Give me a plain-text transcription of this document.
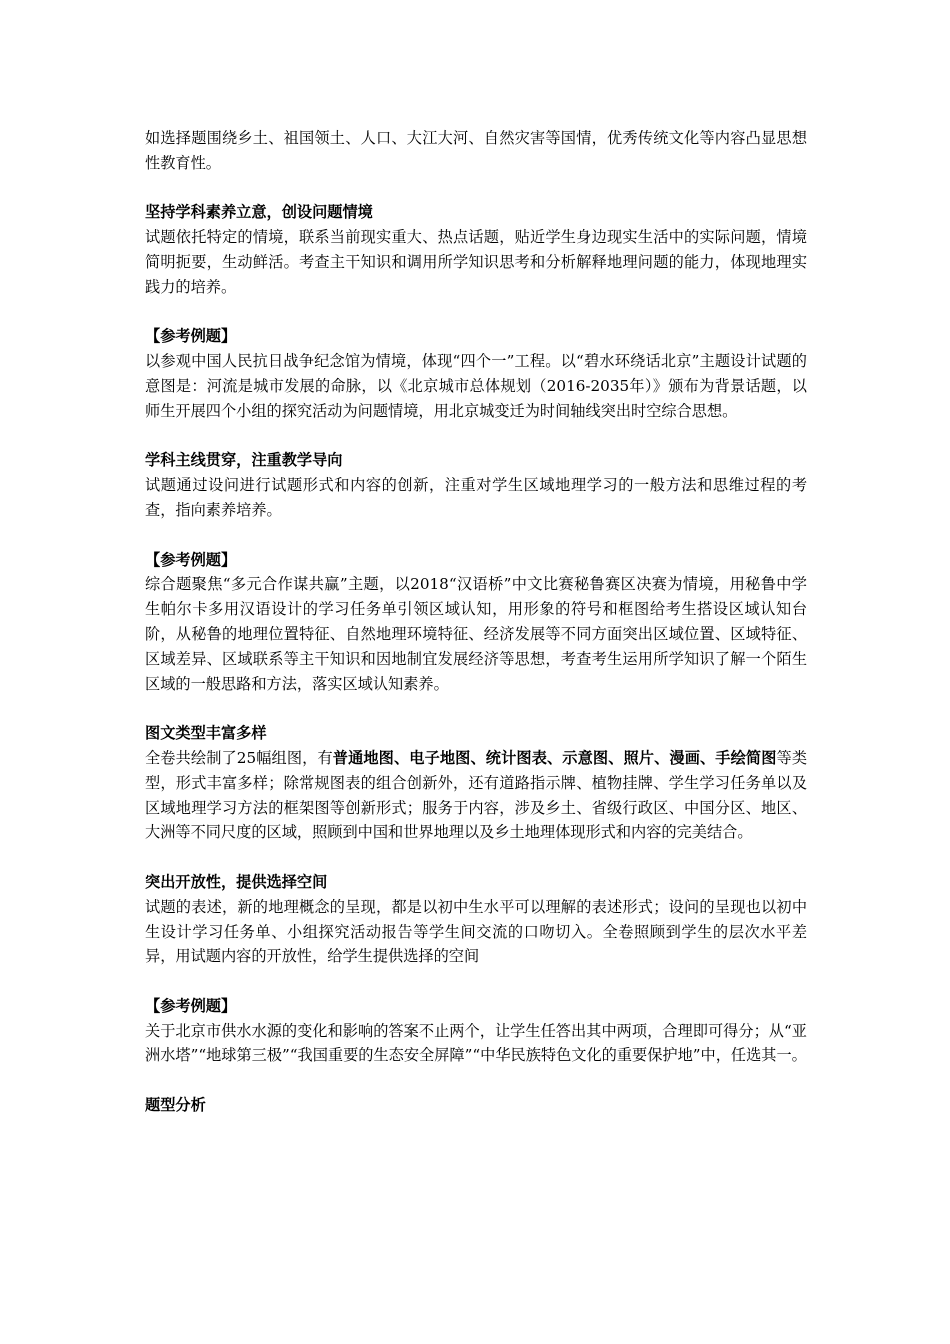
如选择题围绕乡土、祖国领土、人口、大江大河、自然灾害等国情，优秀传统文化等内容凸显思想性教育性。

坚持学科素养立意，创设问题情境

试题依托特定的情境，联系当前现实重大、热点话题，贴近学生身边现实生活中的实际问题，情境简明扼要，生动鲜活。考查主干知识和调用所学知识思考和分析解释地理问题的能力，体现地理实践力的培养。

【参考例题】

以参观中国人民抗日战争纪念馆为情境，体现“四个一”工程。以“碧水环绕话北京”主题设计试题的意图是：河流是城市发展的命脉，以《北京城市总体规划（2016-2035年）》颁布为背景话题，以师生开展四个小组的探究活动为问题情境，用北京城变迁为时间轴线突出时空综合思想。

学科主线贯穿，注重教学导向

试题通过设问进行试题形式和内容的创新，注重对学生区域地理学习的一般方法和思维过程的考查，指向素养培养。

【参考例题】

综合题聚焦“多元合作谋共赢”主题，以2018“汉语桥”中文比赛秘鲁赛区决赛为情境，用秘鲁中学生帕尔卡多用汉语设计的学习任务单引领区域认知，用形象的符号和框图给考生搭设区域认知台阶，从秘鲁的地理位置特征、自然地理环境特征、经济发展等不同方面突出区域位置、区域特征、区域差异、区域联系等主干知识和因地制宜发展经济等思想，考查考生运用所学知识了解一个陌生区域的一般思路和方法，落实区域认知素养。

图文类型丰富多样

全卷共绘制了25幅组图，有普通地图、电子地图、统计图表、示意图、照片、漫画、手绘简图等类型，形式丰富多样；除常规图表的组合创新外，还有道路指示牌、植物挂牌、学生学习任务单以及区域地理学习方法的框架图等创新形式；服务于内容，涉及乡土、省级行政区、中国分区、地区、大洲等不同尺度的区域，照顾到中国和世界地理以及乡土地理体现形式和内容的完美结合。

突出开放性，提供选择空间

试题的表述，新的地理概念的呈现，都是以初中生水平可以理解的表述形式；设问的呈现也以初中生设计学习任务单、小组探究活动报告等学生间交流的口吻切入。全卷照顾到学生的层次水平差异，用试题内容的开放性，给学生提供选择的空间

【参考例题】

关于北京市供水水源的变化和影响的答案不止两个，让学生任答出其中两项，合理即可得分；从“亚洲水塔”“地球第三极”“我国重要的生态安全屏障”“中华民族特色文化的重要保护地”中，任选其一。

题型分析
